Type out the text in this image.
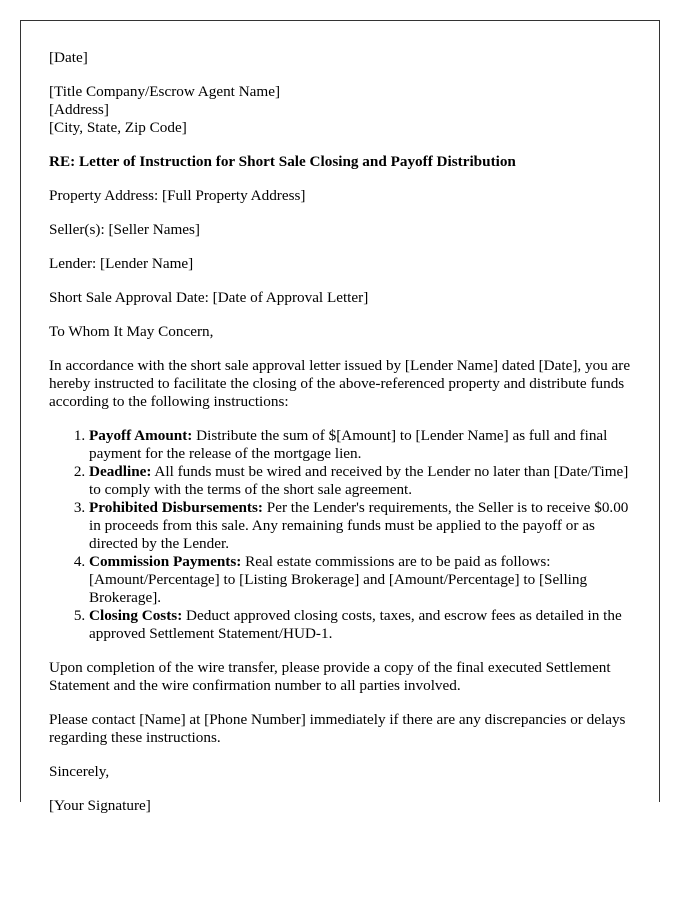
[Date]

[Title Company/Escrow Agent Name]

[Address]

[City, State, Zip Code]

RE: Letter of Instruction for Short Sale Closing and Payoff Distribution

Property Address: [Full Property Address]

Seller(s): [Seller Names]

Lender: [Lender Name]

Short Sale Approval Date: [Date of Approval Letter]

To Whom It May Concern,

In accordance with the short sale approval letter issued by [Lender Name] dated [Date], you are hereby instructed to facilitate the closing of the above-referenced property and distribute funds according to the following instructions:

1. Payoff Amount: Distribute the sum of $[Amount] to [Lender Name] as full and final payment for the release of the mortgage lien.
2. Deadline: All funds must be wired and received by the Lender no later than [Date/Time] to comply with the terms of the short sale agreement.
3. Prohibited Disbursements: Per the Lender's requirements, the Seller is to receive $0.00 in proceeds from this sale. Any remaining funds must be applied to the payoff or as directed by the Lender.
4. Commission Payments: Real estate commissions are to be paid as follows: [Amount/Percentage] to [Listing Brokerage] and [Amount/Percentage] to [Selling Brokerage].
5. Closing Costs: Deduct approved closing costs, taxes, and escrow fees as detailed in the approved Settlement Statement/HUD-1.

Upon completion of the wire transfer, please provide a copy of the final executed Settlement Statement and the wire confirmation number to all parties involved.

Please contact [Name] at [Phone Number] immediately if there are any discrepancies or delays regarding these instructions.

Sincerely,

[Your Signature]
